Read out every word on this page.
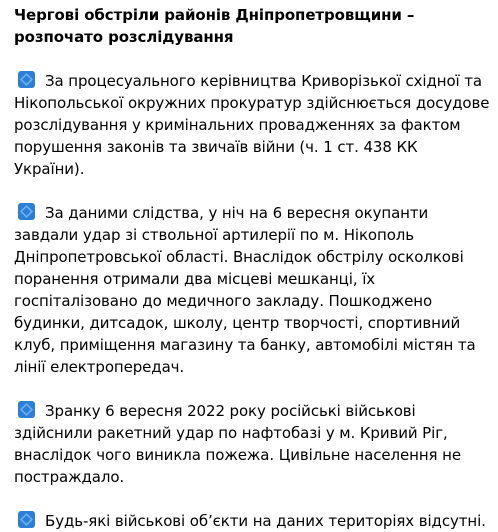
Чергові обстріли районів Дніпропетровщини – розпочато розслідування
За процесуального керівництва Криворізької східної та Нікопольської окружних прокуратур здійснюється досудове розслідування у кримінальних провадженнях за фактом порушення законів та звичаїв війни (ч. 1 ст. 438 КК України).
За даними слідства, у ніч на 6 вересня окупанти завдали удар зі ствольної артилерії по м. Нікополь Дніпропетровської області. Внаслідок обстрілу осколкові поранення отримали два місцеві мешканці, їх госпіталізовано до медичного закладу. Пошкоджено будинки, дитсадок, школу, центр творчості, спортивний клуб, приміщення магазину та банку, автомобілі містян та лінії електропередач.
Зранку 6 вересня 2022 року російські військові здійснили ракетний удар по нафтобазі у м. Кривий Ріг, внаслідок чого виникла пожежа. Цивільне населення не постраждало.
Будь-які військові об’єкти на даних територіях відсутні.
